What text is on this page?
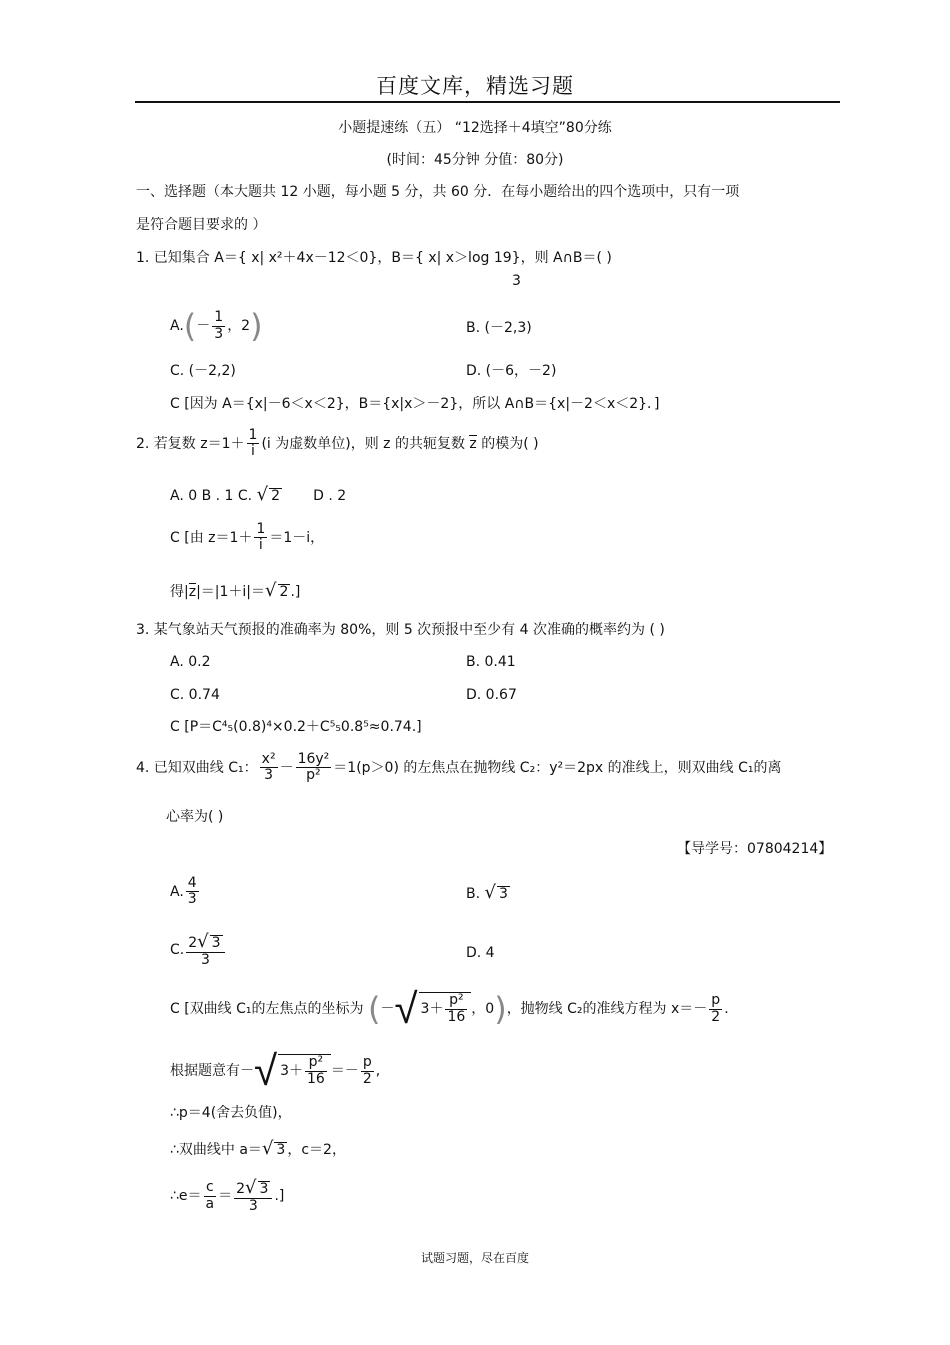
百度文库，精选习题
小题提速练（五） “12选择＋4填空”80分练
(时间：45分钟 分值：80分)
一、选择题（本大题共 12 小题，每小题 5 分，共 60 分．在每小题给出的四个选项中，只有一项
是符合题目要求的 ）
1. 已知集合 A＝{ x| x²＋4x－12＜0}，B＝{ x| x＞log 19}，则 A∩B＝( )
3
$A.(- \frac{1}{3}$ ，2)	B. (－2,3)
C. (－2,2)	D. (－6，－2)
C [因为 A＝{x|－6＜x＜2}，B＝{x|x＞－2}，所以 A∩B＝{x|－2＜x＜2}．]
2. 若复数 $z=1+ \frac{1}{i} (i$ 为虚数单位)，则 z 的共轭复数 z 的模为( )
A. 0 B . 1 C. √ 2 D . 2
C [由 $z=1+ \frac{1}{i} =1-i$，
得|z|＝|1＋i|＝√ 2 .]
3. 某气象站天气预报的准确率为 80%，则 5 次预报中至少有 4 次准确的概率约为 ( )
A. 0.2	B. 0.41
C. 0.74	D. 0.67
C [P＝C⁴₅(0.8)⁴×0.2＋C⁵₅0.8⁵≈0.74.]
4. 已知双曲线 C₁： $\frac{\text{x²}}{3} - \frac{\text{16y²}}{\text{p²}} =1(p>0)$ 的左焦点在抛物线 C₂：y²＝2px 的准线上，则双曲线 C₁的离
心率为( )
【导学号：07804214】
A. $\frac{4}{3}$	B. √ 3
C. $\frac{2√ 3}{3}$	D. 4
C [双曲线 C₁的左焦点的坐标为 (－√ $3+ \frac{\text{p²}}{16}$ ，0)，抛物线 C₂的准线方程为 $x=- \frac{p}{2}$ .
根据题意有－√ $3+ \frac{\text{p²}}{16} =- \frac{p}{2}$ ,
∴p＝4(舍去负值)，
∴双曲线中 a＝√ 3 ，c＝2，
∴e＝ $\frac{c}{a} = \frac{2√ 3}{3}$ .]
试题习题，尽在百度
